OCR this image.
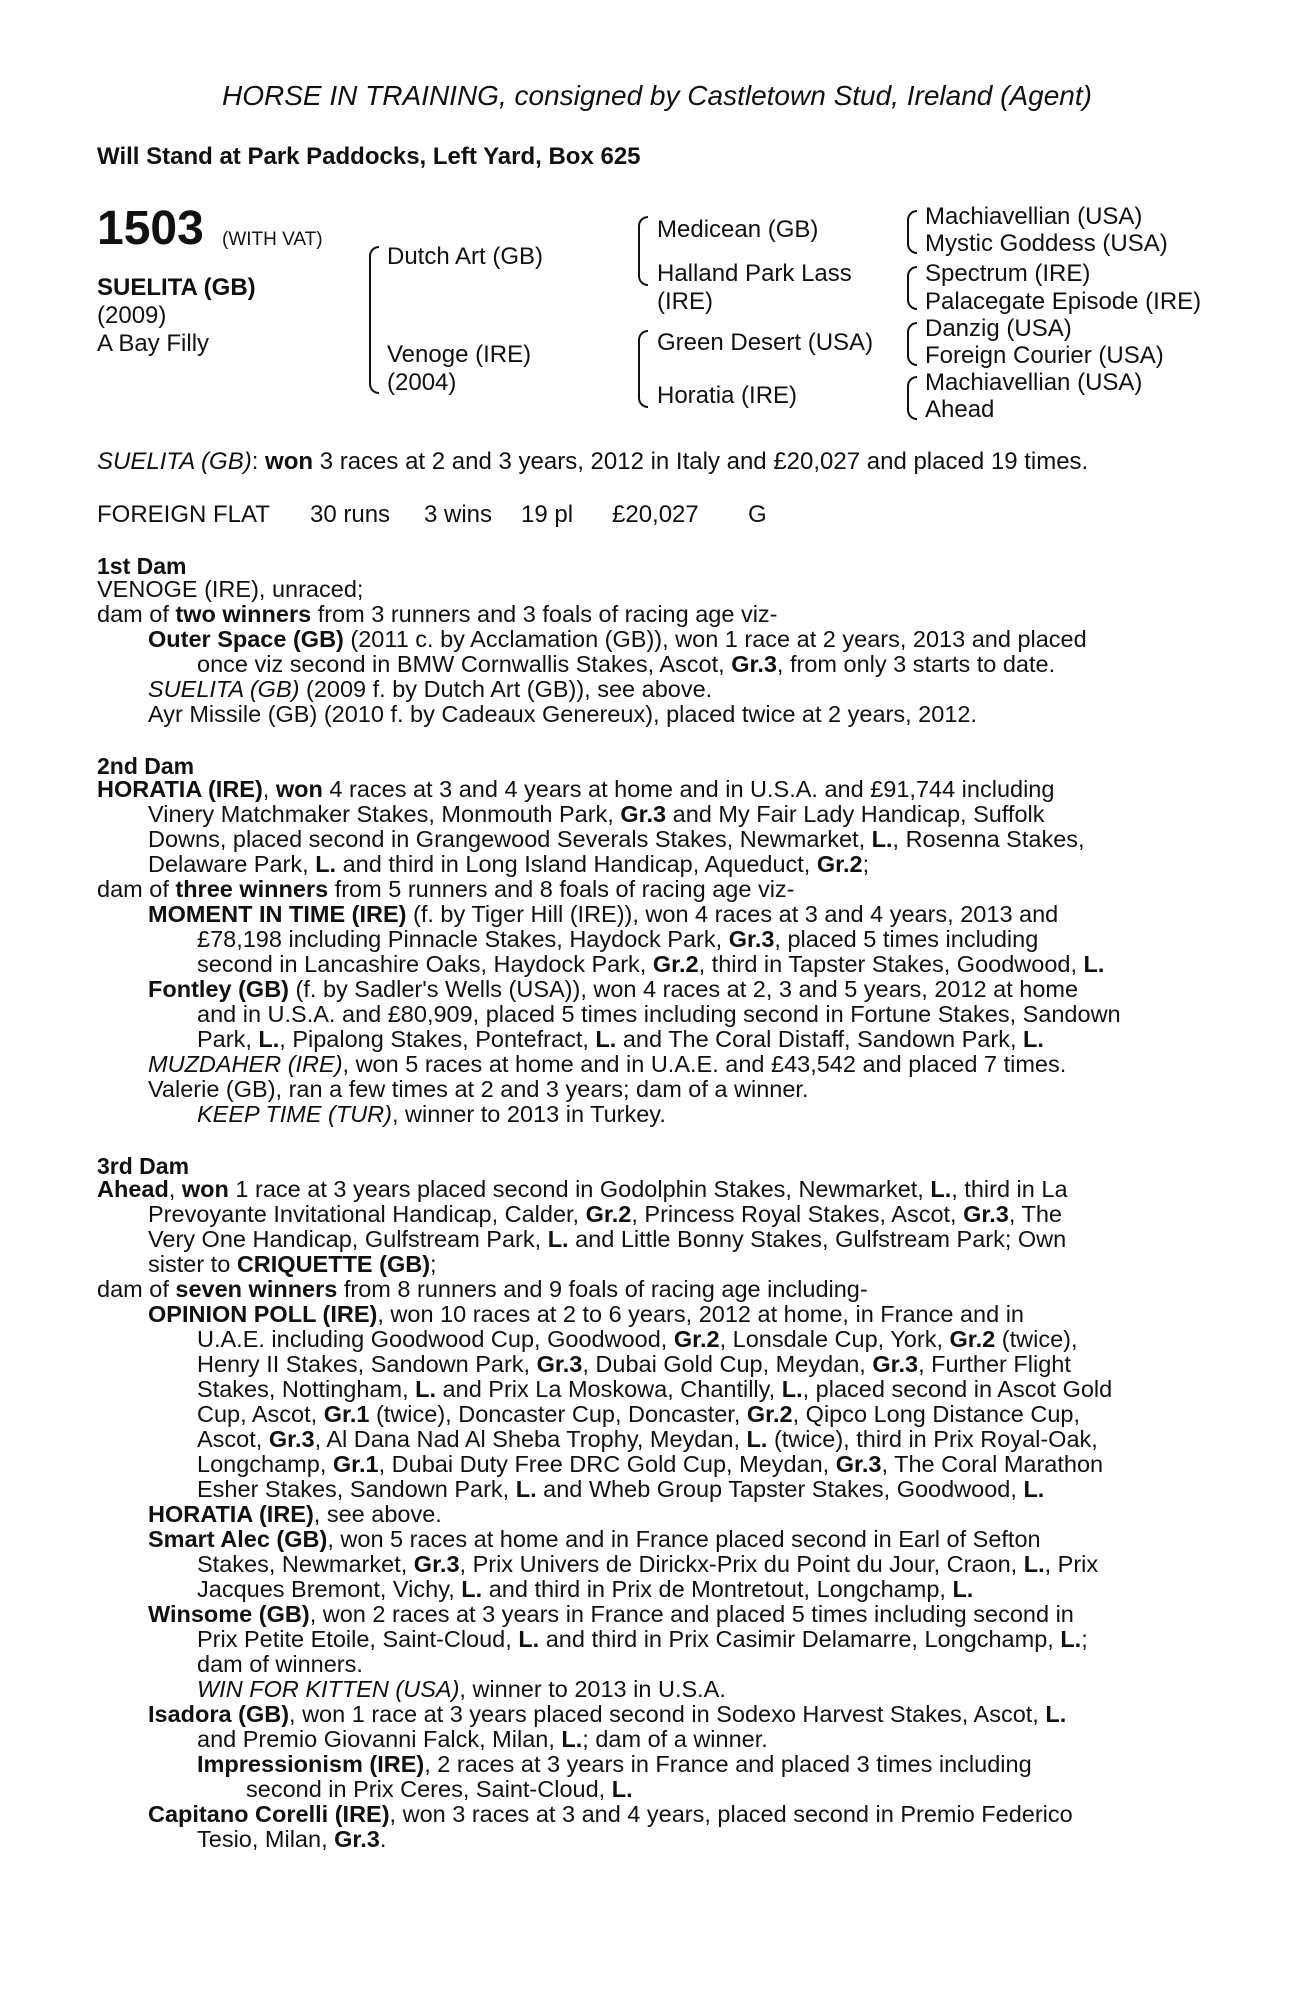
HORSE IN TRAINING, consigned by Castletown Stud, Ireland (Agent)
Will Stand at Park Paddocks, Left Yard, Box 625
1503 (WITH VAT)
SUELITA (GB)
(2009)
A Bay Filly
Dutch Art (GB)
Venoge (IRE)
(2004)
Medicean (GB)
Halland Park Lass
(IRE)
Green Desert (USA)
Horatia (IRE)
Machiavellian (USA)
Mystic Goddess (USA)
Spectrum (IRE)
Palacegate Episode (IRE)
Danzig (USA)
Foreign Courier (USA)
Machiavellian (USA)
Ahead
SUELITA (GB): won 3 races at 2 and 3 years, 2012 in Italy and £20,027 and placed 19 times.
FOREIGN FLAT 30 runs 3 wins 19 pl £20,027 G
1st Dam
VENOGE (IRE), unraced;
dam of two winners from 3 runners and 3 foals of racing age viz-
Outer Space (GB) (2011 c. by Acclamation (GB)), won 1 race at 2 years, 2013 and placed
once viz second in BMW Cornwallis Stakes, Ascot, Gr.3, from only 3 starts to date.
SUELITA (GB) (2009 f. by Dutch Art (GB)), see above.
Ayr Missile (GB) (2010 f. by Cadeaux Genereux), placed twice at 2 years, 2012.
2nd Dam
HORATIA (IRE), won 4 races at 3 and 4 years at home and in U.S.A. and £91,744 including
Vinery Matchmaker Stakes, Monmouth Park, Gr.3 and My Fair Lady Handicap, Suffolk
Downs, placed second in Grangewood Severals Stakes, Newmarket, L., Rosenna Stakes,
Delaware Park, L. and third in Long Island Handicap, Aqueduct, Gr.2;
dam of three winners from 5 runners and 8 foals of racing age viz-
MOMENT IN TIME (IRE) (f. by Tiger Hill (IRE)), won 4 races at 3 and 4 years, 2013 and
£78,198 including Pinnacle Stakes, Haydock Park, Gr.3, placed 5 times including
second in Lancashire Oaks, Haydock Park, Gr.2, third in Tapster Stakes, Goodwood, L.
Fontley (GB) (f. by Sadler's Wells (USA)), won 4 races at 2, 3 and 5 years, 2012 at home
and in U.S.A. and £80,909, placed 5 times including second in Fortune Stakes, Sandown
Park, L., Pipalong Stakes, Pontefract, L. and The Coral Distaff, Sandown Park, L.
MUZDAHER (IRE), won 5 races at home and in U.A.E. and £43,542 and placed 7 times.
Valerie (GB), ran a few times at 2 and 3 years; dam of a winner.
KEEP TIME (TUR), winner to 2013 in Turkey.
3rd Dam
Ahead, won 1 race at 3 years placed second in Godolphin Stakes, Newmarket, L., third in La
Prevoyante Invitational Handicap, Calder, Gr.2, Princess Royal Stakes, Ascot, Gr.3, The
Very One Handicap, Gulfstream Park, L. and Little Bonny Stakes, Gulfstream Park; Own
sister to CRIQUETTE (GB);
dam of seven winners from 8 runners and 9 foals of racing age including-
OPINION POLL (IRE), won 10 races at 2 to 6 years, 2012 at home, in France and in
U.A.E. including Goodwood Cup, Goodwood, Gr.2, Lonsdale Cup, York, Gr.2 (twice),
Henry II Stakes, Sandown Park, Gr.3, Dubai Gold Cup, Meydan, Gr.3, Further Flight
Stakes, Nottingham, L. and Prix La Moskowa, Chantilly, L., placed second in Ascot Gold
Cup, Ascot, Gr.1 (twice), Doncaster Cup, Doncaster, Gr.2, Qipco Long Distance Cup,
Ascot, Gr.3, Al Dana Nad Al Sheba Trophy, Meydan, L. (twice), third in Prix Royal-Oak,
Longchamp, Gr.1, Dubai Duty Free DRC Gold Cup, Meydan, Gr.3, The Coral Marathon
Esher Stakes, Sandown Park, L. and Wheb Group Tapster Stakes, Goodwood, L.
HORATIA (IRE), see above.
Smart Alec (GB), won 5 races at home and in France placed second in Earl of Sefton
Stakes, Newmarket, Gr.3, Prix Univers de Dirickx-Prix du Point du Jour, Craon, L., Prix
Jacques Bremont, Vichy, L. and third in Prix de Montretout, Longchamp, L.
Winsome (GB), won 2 races at 3 years in France and placed 5 times including second in
Prix Petite Etoile, Saint-Cloud, L. and third in Prix Casimir Delamarre, Longchamp, L.;
dam of winners.
WIN FOR KITTEN (USA), winner to 2013 in U.S.A.
Isadora (GB), won 1 race at 3 years placed second in Sodexo Harvest Stakes, Ascot, L.
and Premio Giovanni Falck, Milan, L.; dam of a winner.
Impressionism (IRE), 2 races at 3 years in France and placed 3 times including
second in Prix Ceres, Saint-Cloud, L.
Capitano Corelli (IRE), won 3 races at 3 and 4 years, placed second in Premio Federico
Tesio, Milan, Gr.3.
